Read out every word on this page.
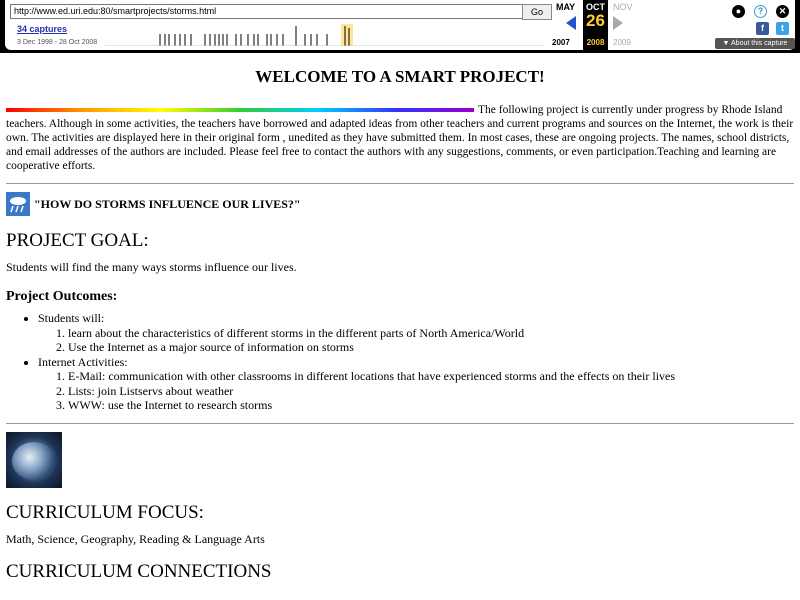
http://www.ed.uri.edu:80/smartprojects/storms.html	Go
34 captures
3 Dec 1998 - 28 Oct 2008
MAY
2007
OCT
26
2008
NOV
2009
●	?	✕
f	t
▼ About this capture
WELCOME TO A SMART PROJECT!
The following project is currently under progress by Rhode Island teachers. Although in some activities, the teachers have borrowed and adapted ideas from other teachers and current programs and sources on the Internet, the work is their own. The activities are displayed here in their original form , unedited as they have submitted them. In most cases, these are ongoing projects. The names, school districts, and email addresses of the authors are included. Please feel free to contact the authors with any suggestions, comments, or even participation.Teaching and learning are cooperative efforts.
"HOW DO STORMS INFLUENCE OUR LIVES?"
PROJECT GOAL:

Students will find the many ways storms influence our lives.

Project Outcomes:
• Students will:
1. learn about the characteristics of different storms in the different parts of North America/World
2. Use the Internet as a major source of information on storms
• Internet Activities:
1. E-Mail: communication with other classrooms in different locations that have experienced storms and the effects on their lives
2. Lists: join Listservs about weather
3. WWW: use the Internet to research storms
CURRICULUM FOCUS:

Math, Science, Geography, Reading & Language Arts

CURRICULUM CONNECTIONS
